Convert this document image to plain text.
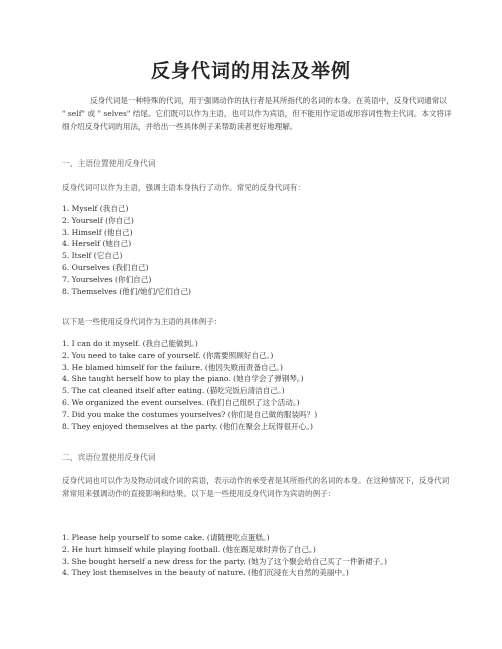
反身代词的用法及举例
反身代词是一种特殊的代词，用于强调动作的执行者是其所指代的名词的本身。在英语中，反身代词通常以 " self" 或 " selves" 结尾。它们既可以作为主语，也可以作为宾语，但不能用作定语或形容词性物主代词。本文将详细介绍反身代词的用法，并给出一些具体例子来帮助读者更好地理解。
一、主语位置使用反身代词
反身代词可以作为主语，强调主语本身执行了动作。常见的反身代词有：
1. Myself (我自己)
2. Yourself (你自己)
3. Himself (他自己)
4. Herself (她自己)
5. Itself (它自己)
6. Ourselves (我们自己)
7. Yourselves (你们自己)
8. Themselves (他们/她们/它们自己)
以下是一些使用反身代词作为主语的具体例子：
1. I can do it myself. (我自己能做到。)
2. You need to take care of yourself. (你需要照顾好自己。)
3. He blamed himself for the failure. (他因失败而责备自己。)
4. She taught herself how to play the piano. (她自学会了弹钢琴。)
5. The cat cleaned itself after eating. (猫吃完饭后清洁自己。)
6. We organized the event ourselves. (我们自己组织了这个活动。)
7. Did you make the costumes yourselves? (你们是自己做的服装吗？)
8. They enjoyed themselves at the party. (他们在聚会上玩得很开心。)
二、宾语位置使用反身代词
反身代词也可以作为及物动词或介词的宾语，表示动作的承受者是其所指代的名词的本身。在这种情况下，反身代词常常用来强调动作的直接影响和结果。以下是一些使用反身代词作为宾语的例子：
1. Please help yourself to some cake. (请随便吃点蛋糕。)
2. He hurt himself while playing football. (他在踢足球时弄伤了自己。)
3. She bought herself a new dress for the party. (她为了这个聚会给自己买了一件新裙子。)
4. They lost themselves in the beauty of nature. (他们沉浸在大自然的美丽中。)
